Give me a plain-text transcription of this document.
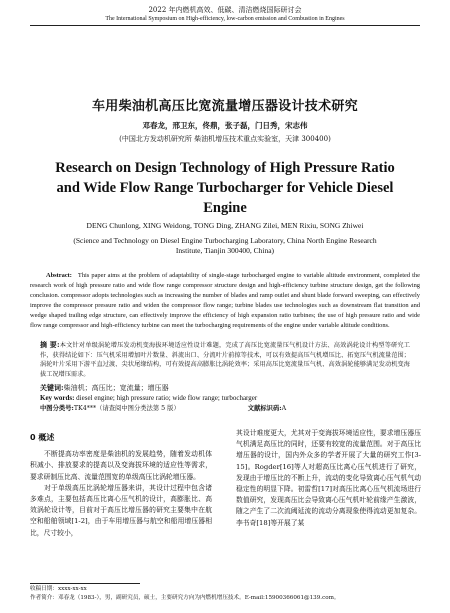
2022 年内燃机高效、低碳、清洁燃烧国际研讨会
The International Symposium on High-efficiency, low-carbon emission and Combustion in Engines
车用柴油机高压比宽流量增压器设计技术研究
邓春龙，邢卫东，佟鼎，张子磊，门日秀，宋志伟
(中国北方发动机研究所 柴油机增压技术重点实验室，天津 300400)
Research on Design Technology of High Pressure Ratio and Wide Flow Range Turbocharger for Vehicle Diesel Engine
DENG Chunlong, XING Weidong, TONG Ding, ZHANG Zilei, MEN Rixiu, SONG Zhiwei
(Science and Technology on Diesel Engine Turbocharging Laboratory, China North Engine Research Institute, Tianjin 300400, China)
Abstract: This paper aims at the problem of adaptability of single-stage turbocharged engine to variable altitude environment, completed the research work of high pressure ratio and wide flow range compressor structure design and high-efficiency turbine structure design, get the following conclusion. compressor adopts technologies such as increasing the number of blades and ramp outlet and shunt blade forward sweeping, can effectively improve the compressor pressure ratio and widen the compressor flow range; turbine blades use technologies such as downstream flat transition and wedge shaped trailing edge structure, can effectively improve the efficiency of high expansion ratio turbines; the use of high pressure ratio and wide flow range compressor and high-efficiency turbine can meet the turbocharging requirements of the engine under variable altitude conditions.
摘 要:本文针对单级涡轮增压发动机变海拔环境适应性设计难题，完成了高压比宽流量压气机设计方法、高效涡轮设计构型等研究工作，获得结论如下：压气机采用增加叶片数量、斜流出口、分流叶片前掠等技术，可以有效提高压气机增压比、拓宽压气机流量范围；涡轮叶片采用下游平直过渡、尖状尾缘结构，可有效提高高膨胀比涡轮效率；采用高压比宽流量压气机、高效涡轮能够满足发动机变海拔工况增压需求。
关键词:柴油机；高压比；宽流量；增压器
Key words: diesel engine; high pressure ratio; wide flow range; turbocharger
中图分类号:TK4***（请查阅中图分类法第 5 版）	文献标识码:A
0 概述

不断提高功率密度是柴油机的发展趋势，随着发动机体积减小、排放要求的提高以及变海拔环境的适应性等需求，要求研制压比高、流量范围宽的单级高压比涡轮增压器。

对于单级高压比涡轮增压器来讲，其设计过程中包含诸多难点，主要包括高压比离心压气机的设计，高膨胀比、高效涡轮设计等，目前对于高压比增压器的研究主要集中在航空和船舶领域[1-2]，由于车用增压器与航空和船用增压器相比，尺寸较小，

其设计难度更大，尤其对于变海拔环境适应性，要求增压器压气机满足高压比的同时，还要有较宽的流量范围。对于高压比增压器的设计，国内外众多的学者开展了大量的研究工作[3-15]。Rogder[16]等人对超高压比离心压气机进行了研究，发现由于增压比的不断上升，流动的变化导致离心压气机气动稳定性的明显下降。初雷哲[17]对高压比离心压气机流场进行数值研究，发现高压比会导致离心压气机叶轮前缘产生激波，随之产生了二次流阈延流的流动分离现象使得流动更加复杂。李书奇[18]等开展了某

收稿日期：xxxx-xx-xx
作者简介：邓春龙（1983-），男，副研究员，硕士，主要研究方向为内燃机增压技术。E-mail:15900366061@139.com。
